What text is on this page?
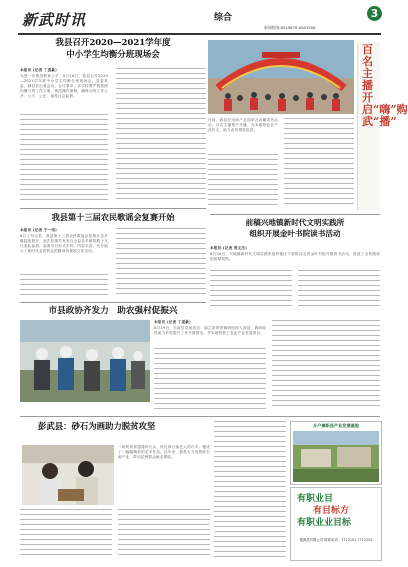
新武时讯	综合	3
新闻热线:6549878 6563266
我县召开2020—2021学年度
中小学生均衡分班现场会
本报讯 (记者 丁道豪)
为进一步推进教育公平，8月16日，我县召开2020—2021学年度中小学生均衡分班现场会。县委常委、副县长出席会议。会议要求，各学校要严格按照均衡分班工作方案，规范操作流程，确保分班工作公开、公平、公正，接受社会监督。
百名主播开启“嗨”购武“播”
日前，我县在电商产业园举办直播带货活动，百名主播集中开播，为本地特色农产品代言，助力农民增收致富。
我县第十三届农民歌谣会复赛开始
本报讯 (记者 宁一伟)
8月上旬以来，我县第十三届农民歌谣会复赛在各乡镇陆续展开。此次复赛共有来自全县各乡镇的数十支代表队参加，参赛节目形式多样、内容丰富，充分展示了新时代农民群众的精神风貌和文化自信。
前稿兴地镇新时代文明实践所
组织开展金叶书院读书活动
本报讯 (记者 贾文杰)
8月20日，兴地镇新时代文明实践所组织辖区干部群众走进金叶书院开展读书活动，营造了全民阅读的浓厚氛围。
市县政协齐发力　助农强村促振兴
本报讯 (记者 丁道豪)
8月19日，市政协党组成员、副主席带领调研组深入我县，调研政协助力乡村振兴工作开展情况，并实地察看了农业产业发展项目。
彭武县：砂石为画助力脱贫攻坚
一块块普普通通的石头，经过砂石画艺人的巧手，便成了一幅幅精美的艺术作品。近年来，我县大力发展砂石画产业，带动贫困群众就业增收。
乡户兼职县产业发展基地
有职业目
有目标方
有职业业目标
德源县有限公司 联系电话：7712101 7712102
